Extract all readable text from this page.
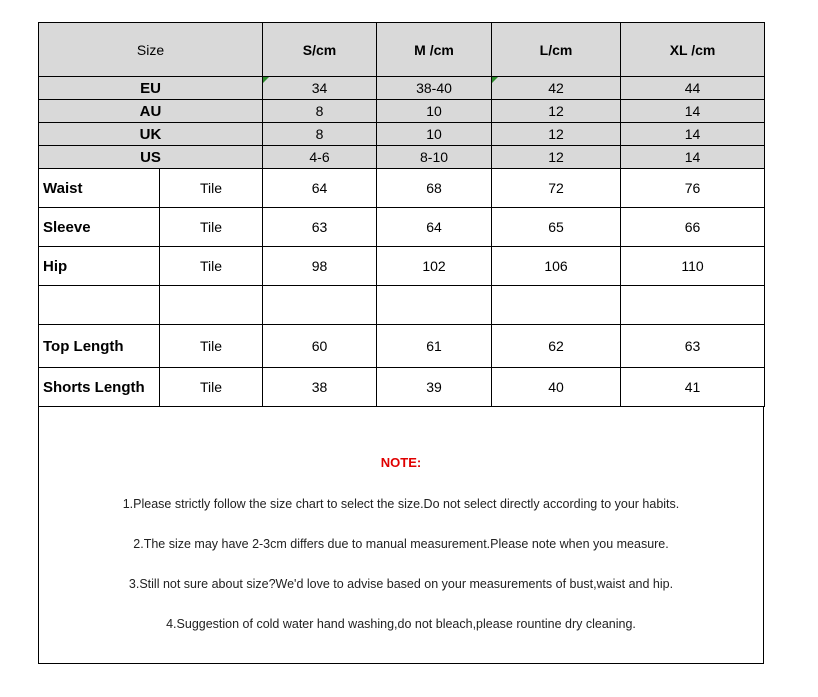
Size		S/cm	M /cm	L/cm	XL /cm
EU		34	38-40	42	44
AU		8	10	12	14
UK		8	10	12	14
US		4-6	8-10	12	14
Waist	Tile	64	68	72	76
Sleeve	Tile	63	64	65	66
Hip	Tile	98	102	106	110

Top Length	Tile	60	61	62	63
Shorts Length	Tile	38	39	40	41
NOTE:
1.Please strictly follow the size chart to select the size.Do not select directly according to your habits.
2.The size may have 2-3cm differs due to manual measurement.Please note when you measure.
3.Still not sure about size?We'd love to advise based on your measurements of bust,waist and hip.
4.Suggestion of cold water hand washing,do not bleach,please rountine dry cleaning.
